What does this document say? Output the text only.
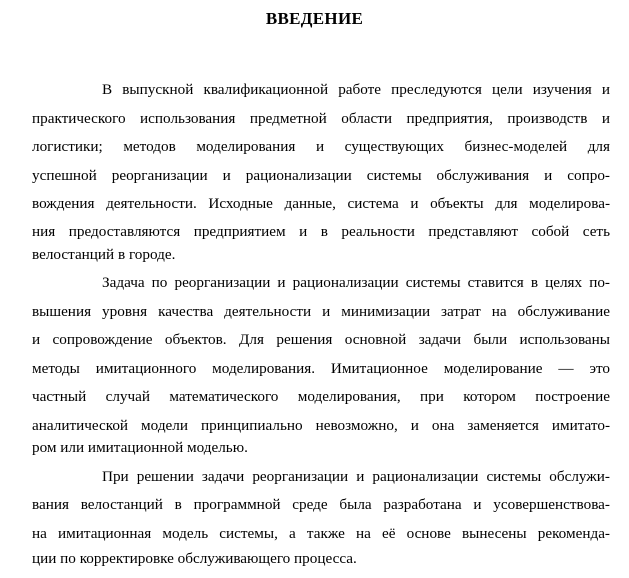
ВВЕДЕНИЕ
В выпускной квалификационной работе преследуются цели изучения и
практического использования предметной области предприятия, производств и
логистики; методов моделирования и существующих бизнес-моделей для
успешной реорганизации и рационализации системы обслуживания и сопро-
вождения деятельности. Исходные данные, система и объекты для моделирова-
ния предоставляются предприятием и в реальности представляют собой сеть
велостанций в городе.
Задача по реорганизации и рационализации системы ставится в целях по-
вышения уровня качества деятельности и минимизации затрат на обслуживание
и сопровождение объектов. Для решения основной задачи были использованы
методы имитационного моделирования. Имитационное моделирование — это
частный случай математического моделирования, при котором построение
аналитической модели принципиально невозможно, и она заменяется имитато-
ром или имитационной моделью.
При решении задачи реорганизации и рационализации системы обслужи-
вания велостанций в программной среде была разработана и усовершенствова-
на имитационная модель системы, а также на её основе вынесены рекоменда-
ции по корректировке обслуживающего процесса.
